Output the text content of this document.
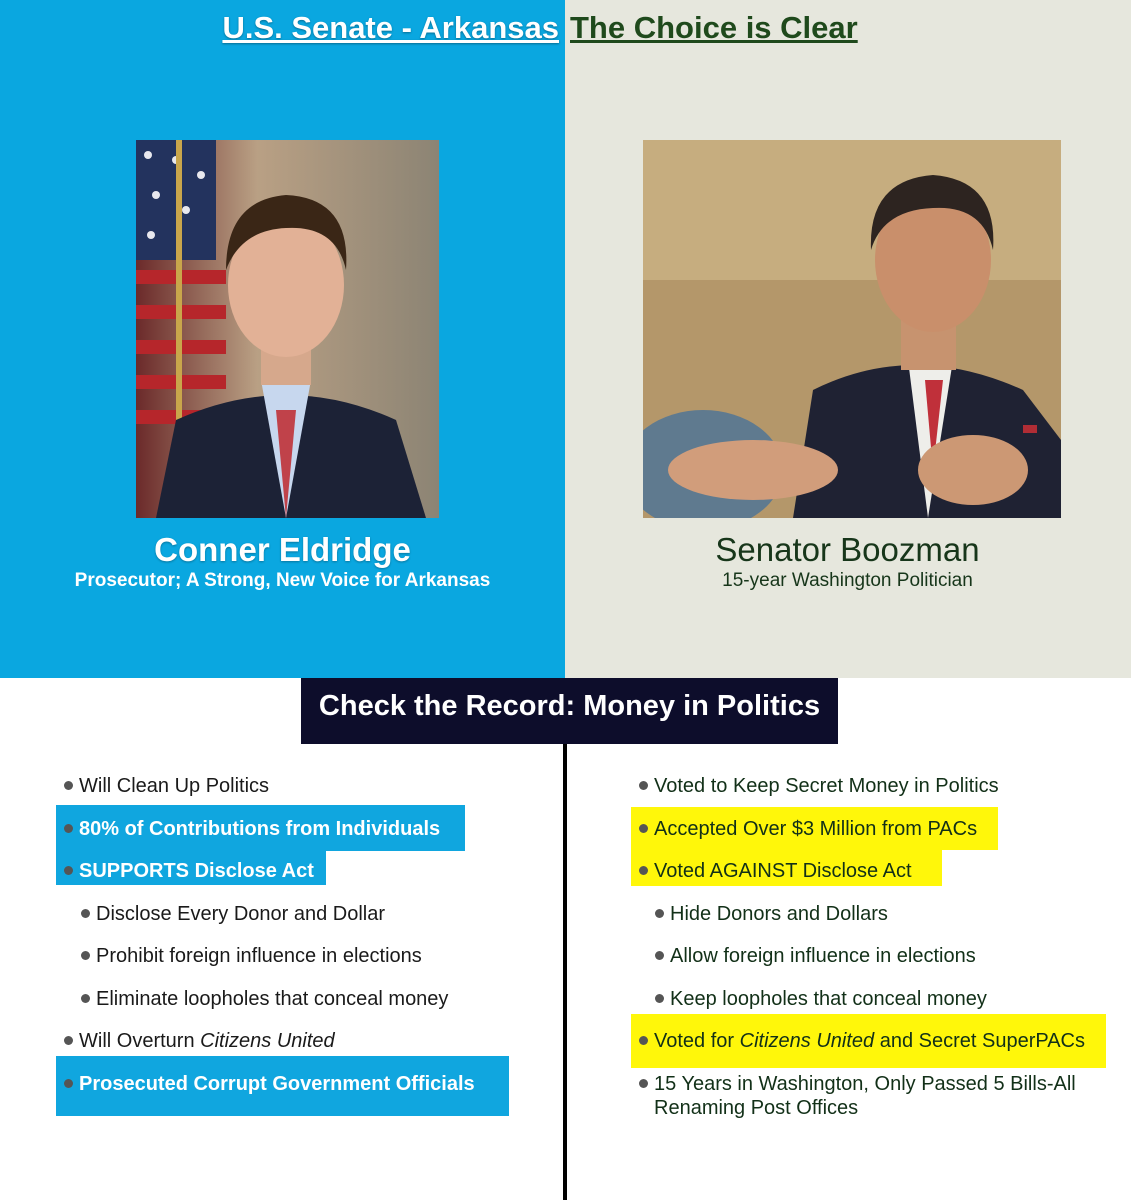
U.S. Senate - Arkansas The Choice is Clear
Conner Eldridge
Prosecutor; A Strong, New Voice for Arkansas
Senator Boozman
15-year Washington Politician
Check the Record: Money in Politics
Will Clean Up Politics
80% of Contributions from Individuals
SUPPORTS Disclose Act
Disclose Every Donor and Dollar
Prohibit foreign influence in elections
Eliminate loopholes that conceal money
Will Overturn Citizens United
Prosecuted Corrupt Government Officials
Voted to Keep Secret Money in Politics
Accepted Over $3 Million from PACs
Voted AGAINST Disclose Act
Hide Donors and Dollars
Allow foreign influence in elections
Keep loopholes that conceal money
Voted for Citizens United and Secret SuperPACs
15 Years in Washington, Only Passed 5 Bills-All
Renaming Post Offices
